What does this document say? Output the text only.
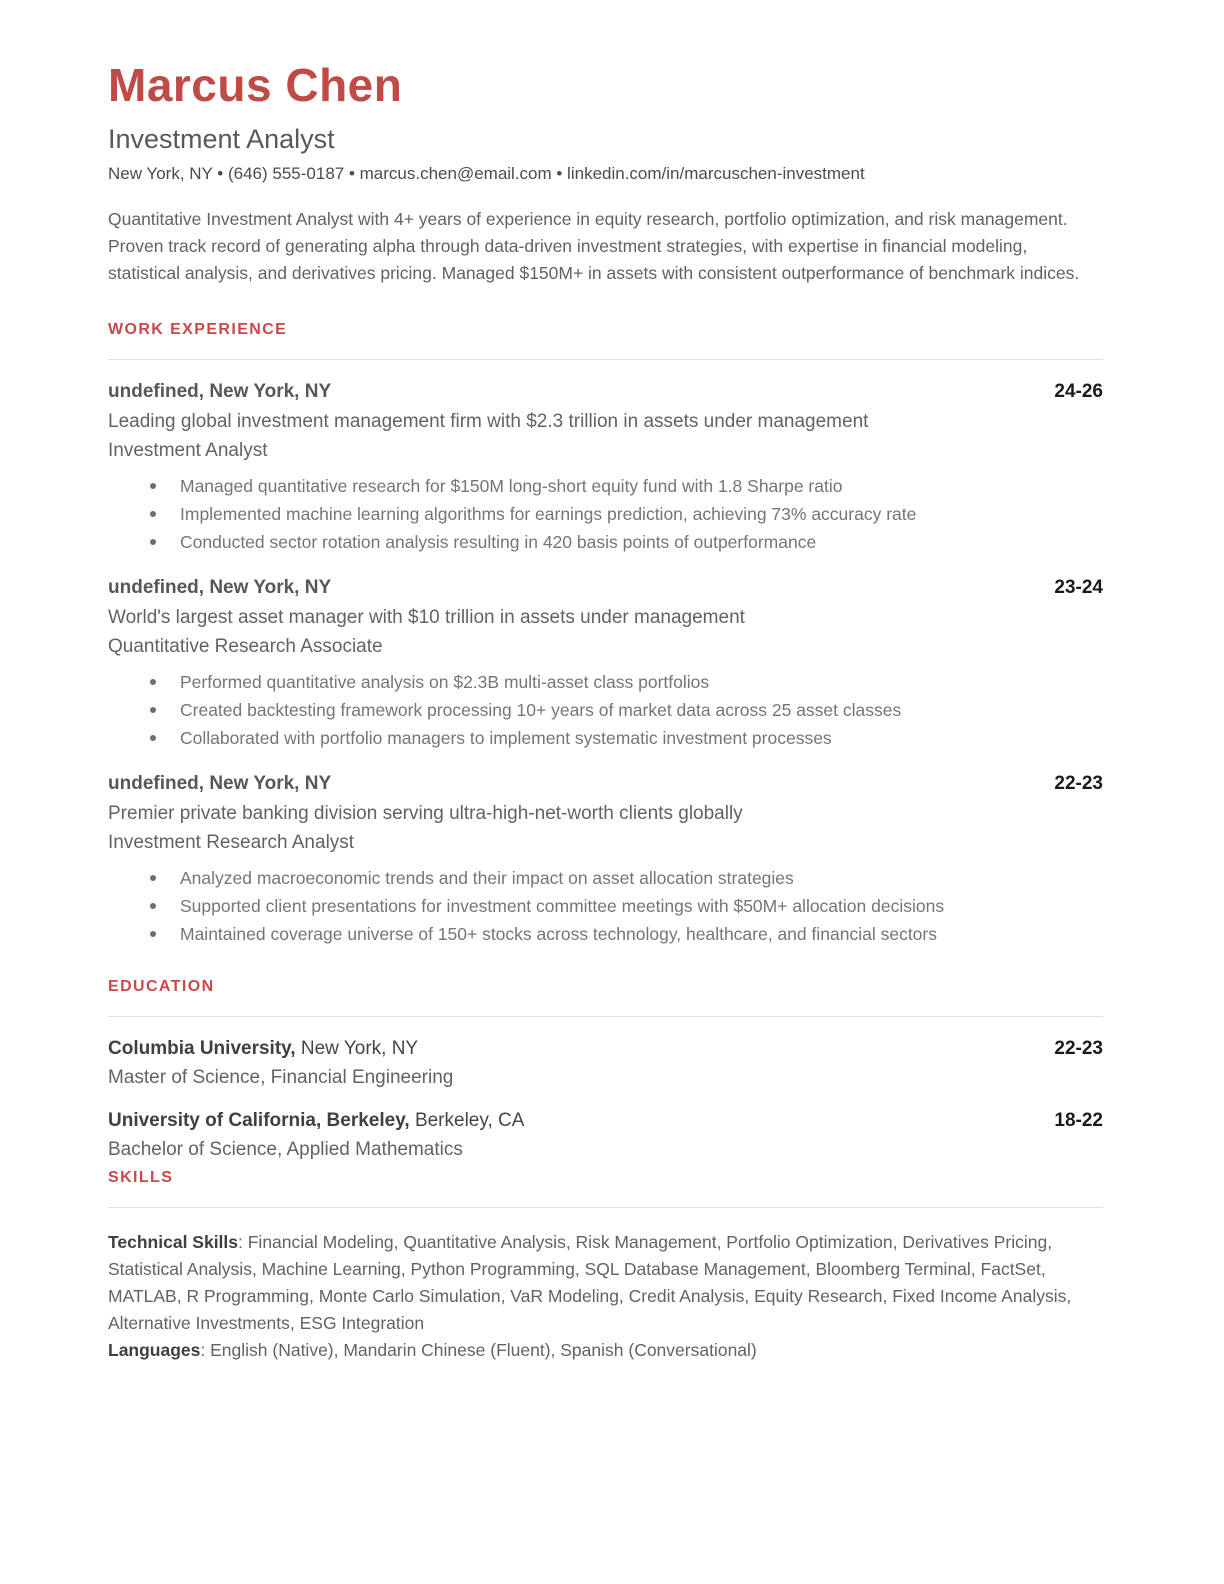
Marcus Chen
Investment Analyst
New York, NY • (646) 555-0187 • marcus.chen@email.com • linkedin.com/in/marcuschen-investment

Quantitative Investment Analyst with 4+ years of experience in equity research, portfolio optimization, and risk management. Proven track record of generating alpha through data-driven investment strategies, with expertise in financial modeling, statistical analysis, and derivatives pricing. Managed $150M+ in assets with consistent outperformance of benchmark indices.

WORK EXPERIENCE
undefined, New York, NY	24-26
Leading global investment management firm with $2.3 trillion in assets under management
Investment Analyst
Managed quantitative research for $150M long-short equity fund with 1.8 Sharpe ratio
Implemented machine learning algorithms for earnings prediction, achieving 73% accuracy rate
Conducted sector rotation analysis resulting in 420 basis points of outperformance
undefined, New York, NY	23-24
World's largest asset manager with $10 trillion in assets under management
Quantitative Research Associate
Performed quantitative analysis on $2.3B multi-asset class portfolios
Created backtesting framework processing 10+ years of market data across 25 asset classes
Collaborated with portfolio managers to implement systematic investment processes
undefined, New York, NY	22-23
Premier private banking division serving ultra-high-net-worth clients globally
Investment Research Analyst
Analyzed macroeconomic trends and their impact on asset allocation strategies
Supported client presentations for investment committee meetings with $50M+ allocation decisions
Maintained coverage universe of 150+ stocks across technology, healthcare, and financial sectors
EDUCATION
Columbia University, New York, NY	22-23
Master of Science, Financial Engineering
University of California, Berkeley, Berkeley, CA	18-22
Bachelor of Science, Applied Mathematics
SKILLS

Technical Skills: Financial Modeling, Quantitative Analysis, Risk Management, Portfolio Optimization, Derivatives Pricing, Statistical Analysis, Machine Learning, Python Programming, SQL Database Management, Bloomberg Terminal, FactSet, MATLAB, R Programming, Monte Carlo Simulation, VaR Modeling, Credit Analysis, Equity Research, Fixed Income Analysis, Alternative Investments, ESG Integration

Languages: English (Native), Mandarin Chinese (Fluent), Spanish (Conversational)
